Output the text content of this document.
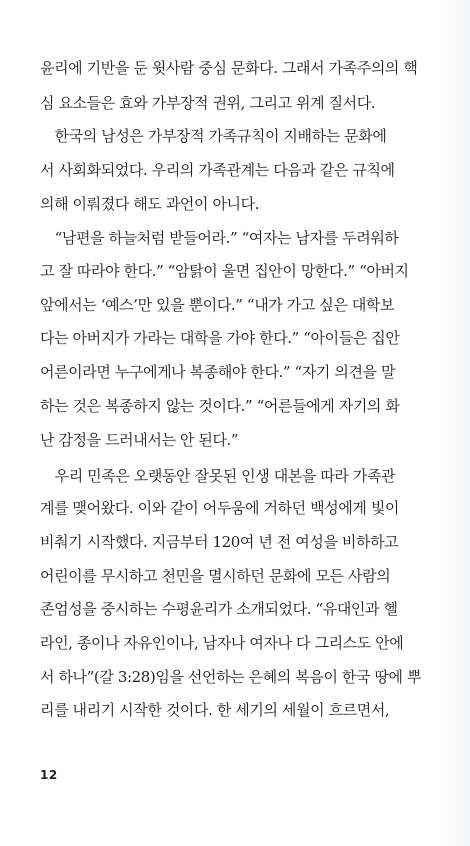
윤리에 기반을 둔 윗사람 중심 문화다. 그래서 가족주의의 핵
심 요소들은 효와 가부장적 권위, 그리고 위계 질서다.
　한국의 남성은 가부장적 가족규칙이 지배하는 문화에
서 사회화되었다. 우리의 가족관계는 다음과 같은 규칙에
의해 이뤄졌다 해도 과언이 아니다.
　“남편을 하늘처럼 받들어라.” “여자는 남자를 두려워하
고 잘 따라야 한다.” “암탉이 울면 집안이 망한다.” “아버지
앞에서는 ‘예스’만 있을 뿐이다.” “내가 가고 싶은 대학보
다는 아버지가 가라는 대학을 가야 한다.” “아이들은 집안
어른이라면 누구에게나 복종해야 한다.” “자기 의견을 말
하는 것은 복종하지 않는 것이다.” “어른들에게 자기의 화
난 감정을 드러내서는 안 된다.”
　우리 민족은 오랫동안 잘못된 인생 대본을 따라 가족관
계를 맺어왔다. 이와 같이 어두움에 거하던 백성에게 빛이
비춰기 시작했다. 지금부터 120여 년 전 여성을 비하하고
어린이를 무시하고 천민을 멸시하던 문화에 모든 사람의
존엄성을 중시하는 수평윤리가 소개되었다. “유대인과 헬
라인, 종이나 자유인이나, 남자나 여자나 다 그리스도 안에
서 하나”(갈 3:28)임을 선언하는 은혜의 복음이 한국 땅에 뿌
리를 내리기 시작한 것이다. 한 세기의 세월이 흐르면서,
12
